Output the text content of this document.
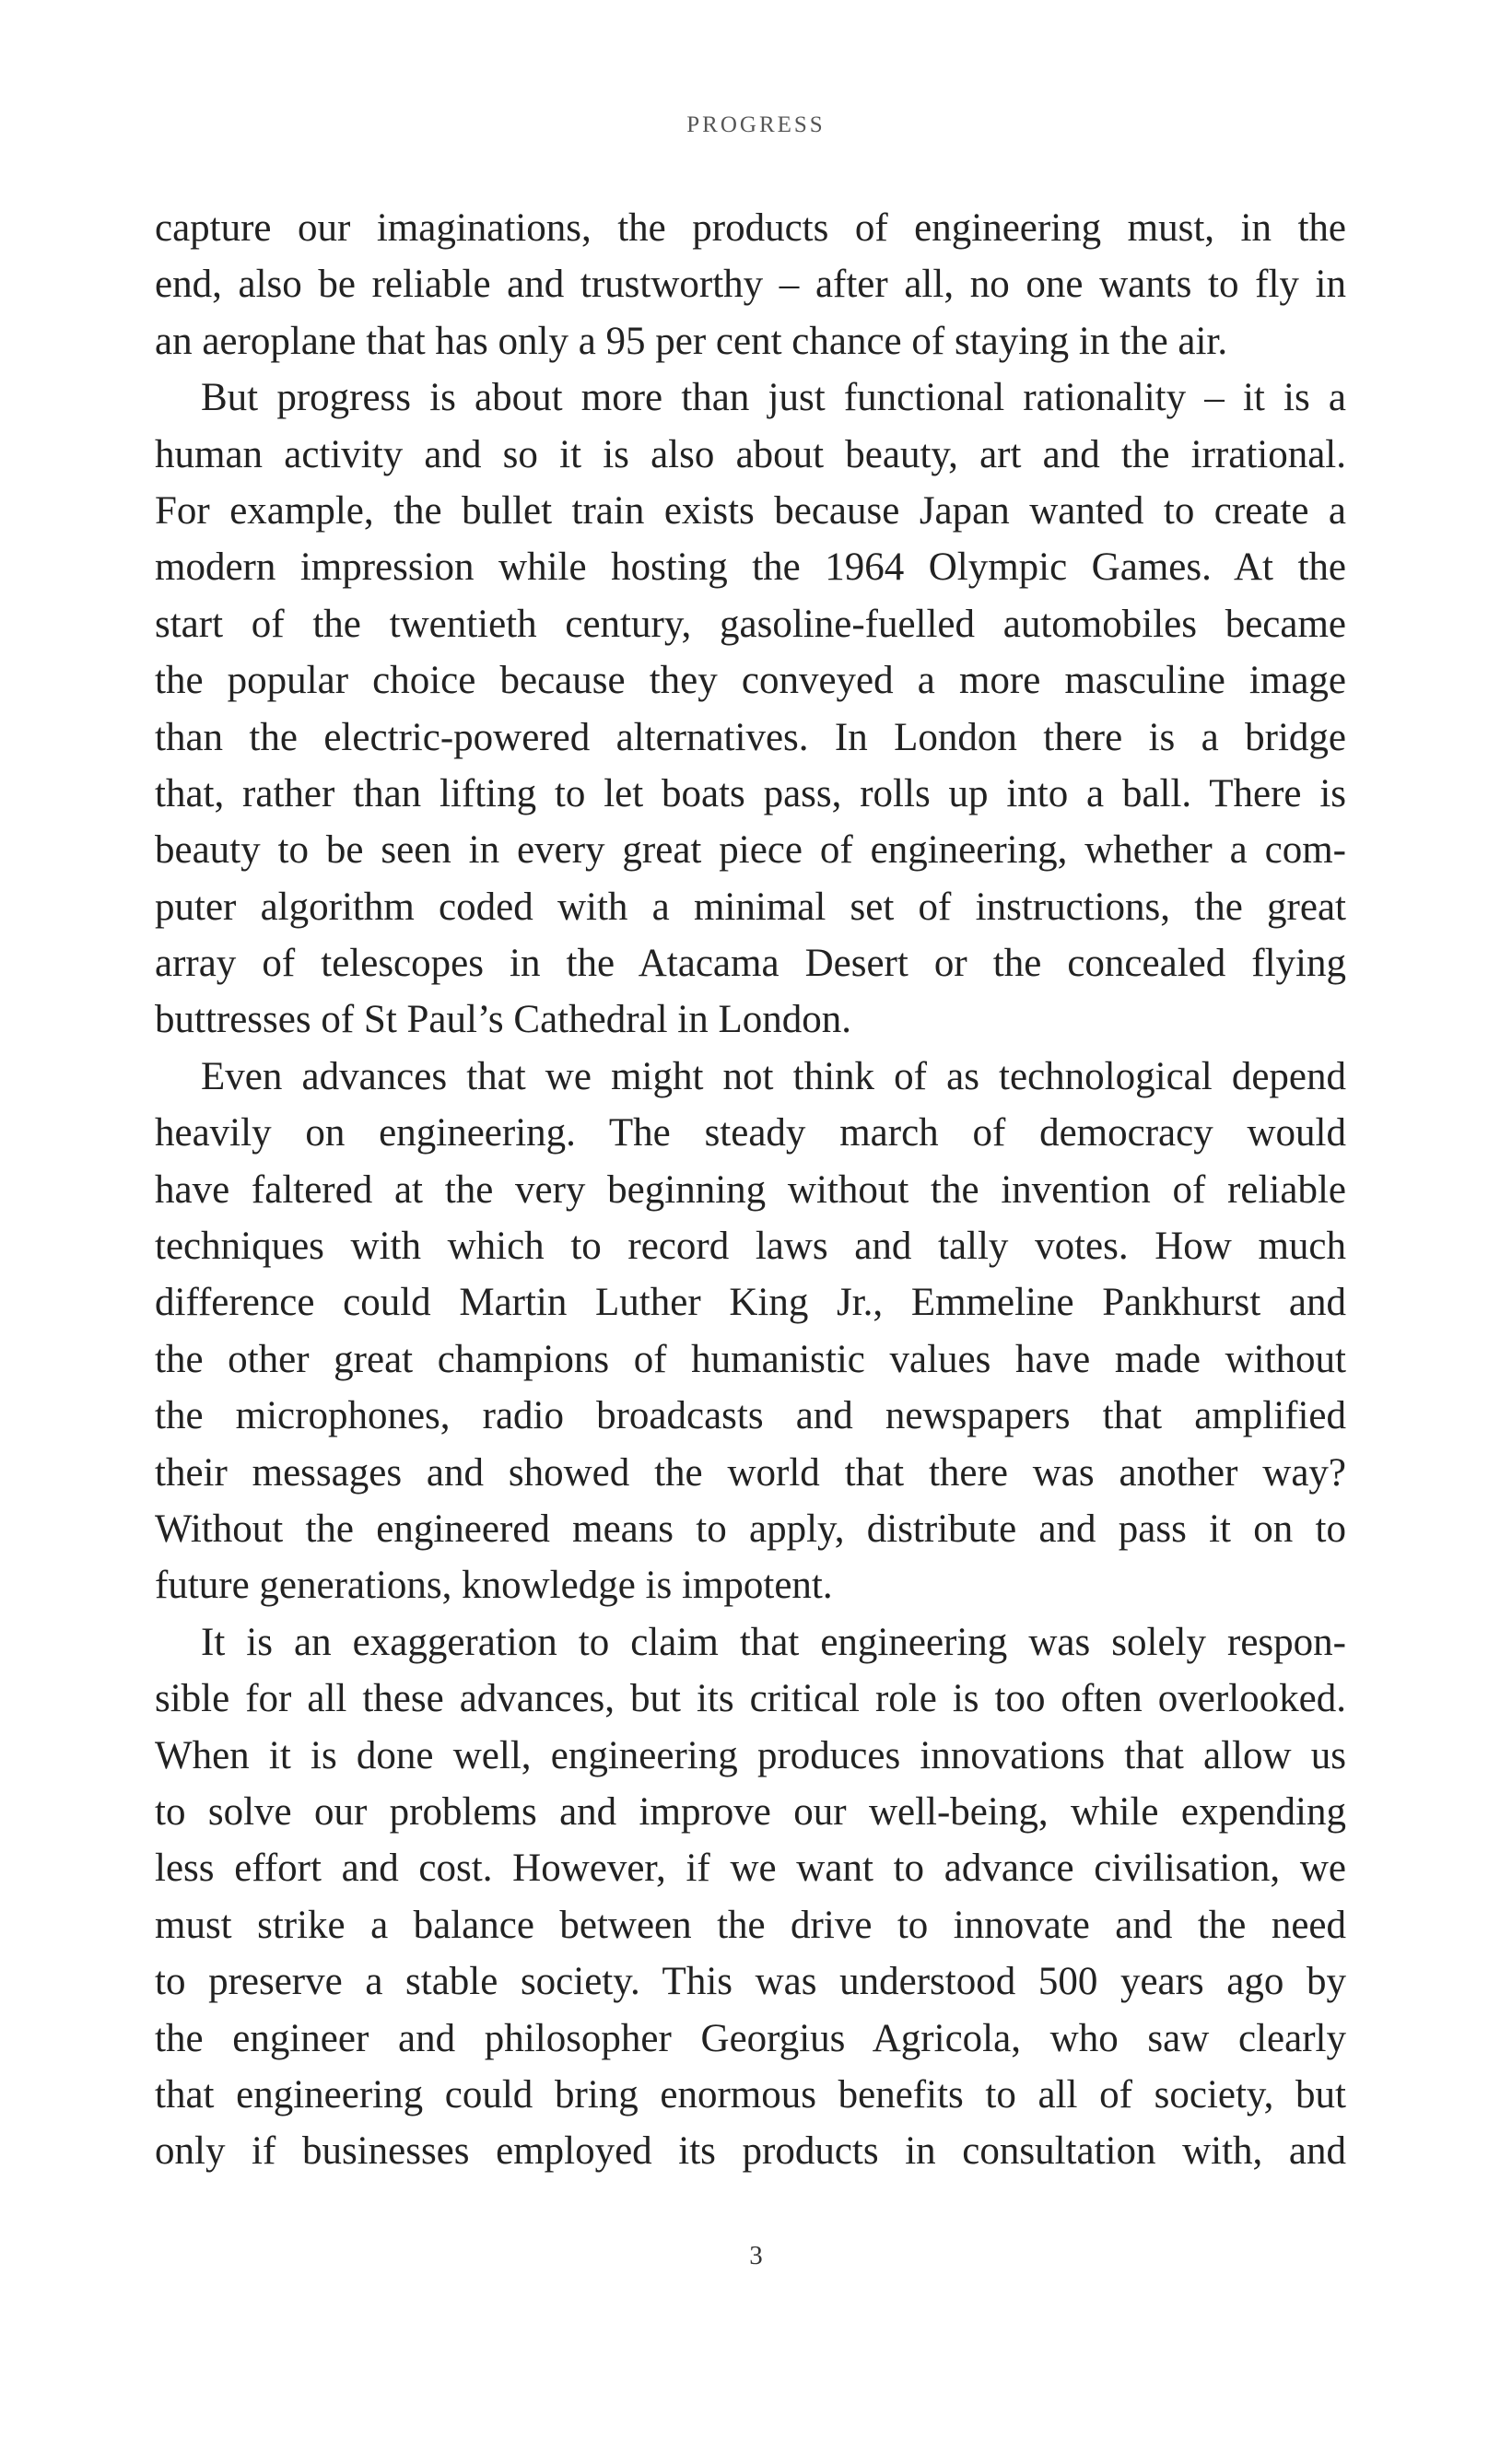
PROGRESS
capture our imaginations, the products of engineering must, in the
end, also be reliable and trustworthy – after all, no one wants to fly in
an aeroplane that has only a 95 per cent chance of staying in the air.
But progress is about more than just functional rationality – it is a
human activity and so it is also about beauty, art and the irrational.
For example, the bullet train exists because Japan wanted to create a
modern impression while hosting the 1964 Olympic Games. At the
start of the twentieth century, gasoline-fuelled automobiles became
the popular choice because they conveyed a more masculine image
than the electric-powered alternatives. In London there is a bridge
that, rather than lifting to let boats pass, rolls up into a ball. There is
beauty to be seen in every great piece of engineering, whether a com-
puter algorithm coded with a minimal set of instructions, the great
array of telescopes in the Atacama Desert or the concealed flying
buttresses of St Paul’s Cathedral in London.
Even advances that we might not think of as technological depend
heavily on engineering. The steady march of democracy would
have faltered at the very beginning without the invention of reliable
techniques with which to record laws and tally votes. How much
difference could Martin Luther King Jr., Emmeline Pankhurst and
the other great champions of humanistic values have made without
the microphones, radio broadcasts and newspapers that amplified
their messages and showed the world that there was another way?
Without the engineered means to apply, distribute and pass it on to
future generations, knowledge is impotent.
It is an exaggeration to claim that engineering was solely respon-
sible for all these advances, but its critical role is too often overlooked.
When it is done well, engineering produces innovations that allow us
to solve our problems and improve our well-being, while expending
less effort and cost. However, if we want to advance civilisation, we
must strike a balance between the drive to innovate and the need
to preserve a stable society. This was understood 500 years ago by
the engineer and philosopher Georgius Agricola, who saw clearly
that engineering could bring enormous benefits to all of society, but
only if businesses employed its products in consultation with, and
3
